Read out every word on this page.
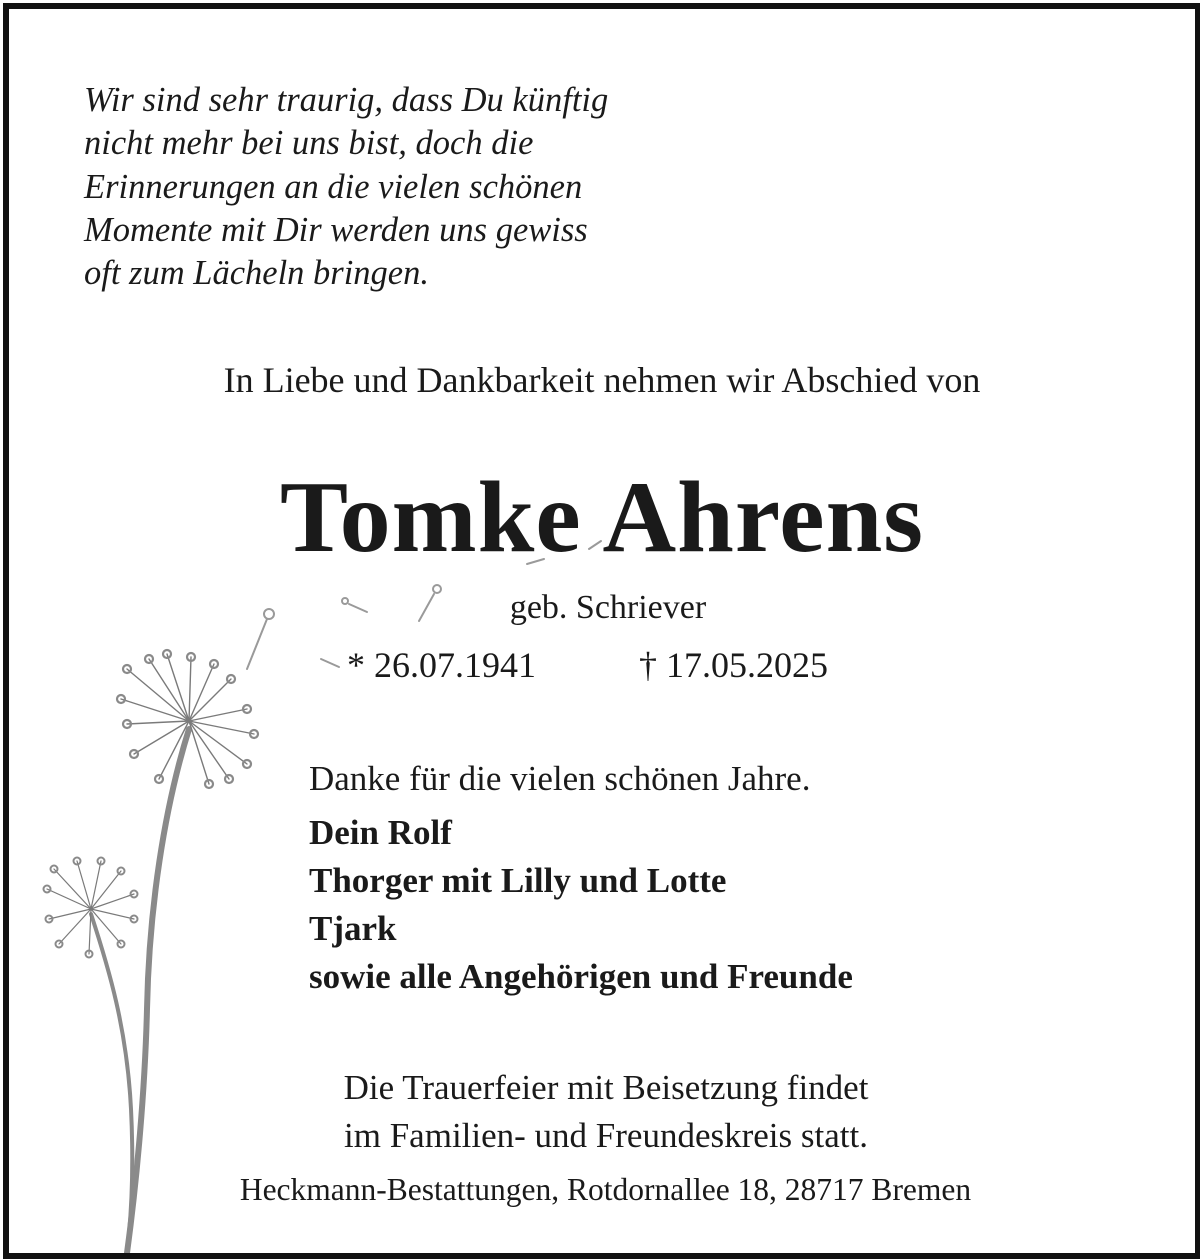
Wir sind sehr traurig, dass Du künftig
nicht mehr bei uns bist, doch die
Erinnerungen an die vielen schönen
Momente mit Dir werden uns gewiss
oft zum Lächeln bringen.
In Liebe und Dankbarkeit nehmen wir Abschied von
Tomke Ahrens
geb. Schriever
* 26.07.1941	† 17.05.2025
Danke für die vielen schönen Jahre.
Dein Rolf
Thorger mit Lilly und Lotte
Tjark
sowie alle Angehörigen und Freunde
Die Trauerfeier mit Beisetzung findet
im Familien- und Freundeskreis statt.
Heckmann-Bestattungen, Rotdornallee 18, 28717 Bremen
